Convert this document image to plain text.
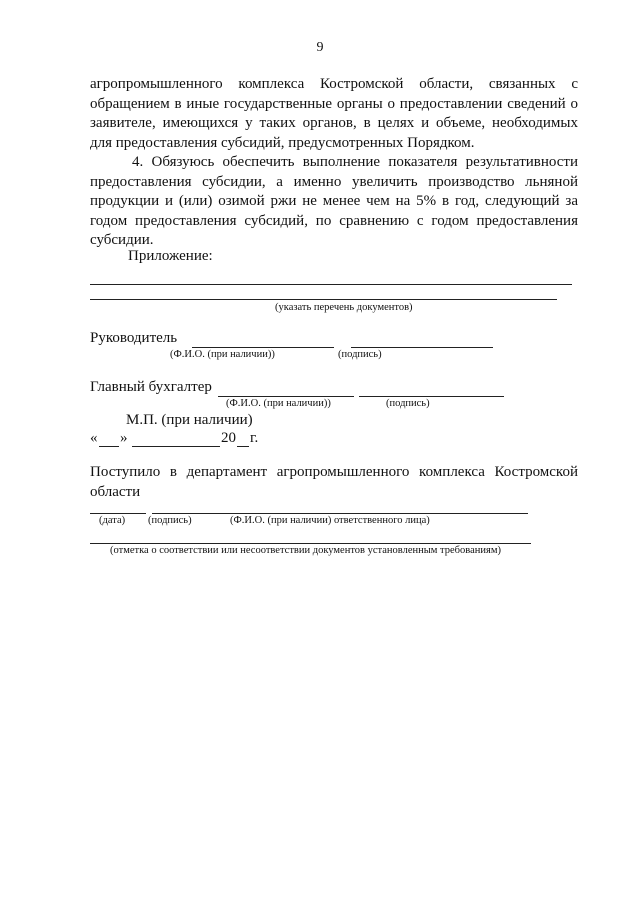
9
агропромышленного комплекса Костромской области, связанных с
обращением в иные государственные органы о предоставлении сведений о
заявителе, имеющихся у таких органов, в целях и объеме, необходимых
для предоставления субсидий, предусмотренных Порядком.
4. Обязуюсь обеспечить выполнение показателя результативности
предоставления субсидии, а именно увеличить производство льняной
продукции и (или) озимой ржи не менее чем на 5% в год, следующий за
годом предоставления субсидий, по сравнению с годом предоставления
субсидии.
Приложение:
(указать перечень документов)
Руководитель
(Ф.И.О. (при наличии))	(подпись)
Главный бухгалтер
(Ф.И.О. (при наличии))	(подпись)
М.П. (при наличии)
« »	20 г.
Поступило в департамент агропромышленного комплекса Костромской
области
(дата) (подпись)	(Ф.И.О. (при наличии) ответственного лица)
(отметка о соответствии или несоответствии документов установленным требованиям)
